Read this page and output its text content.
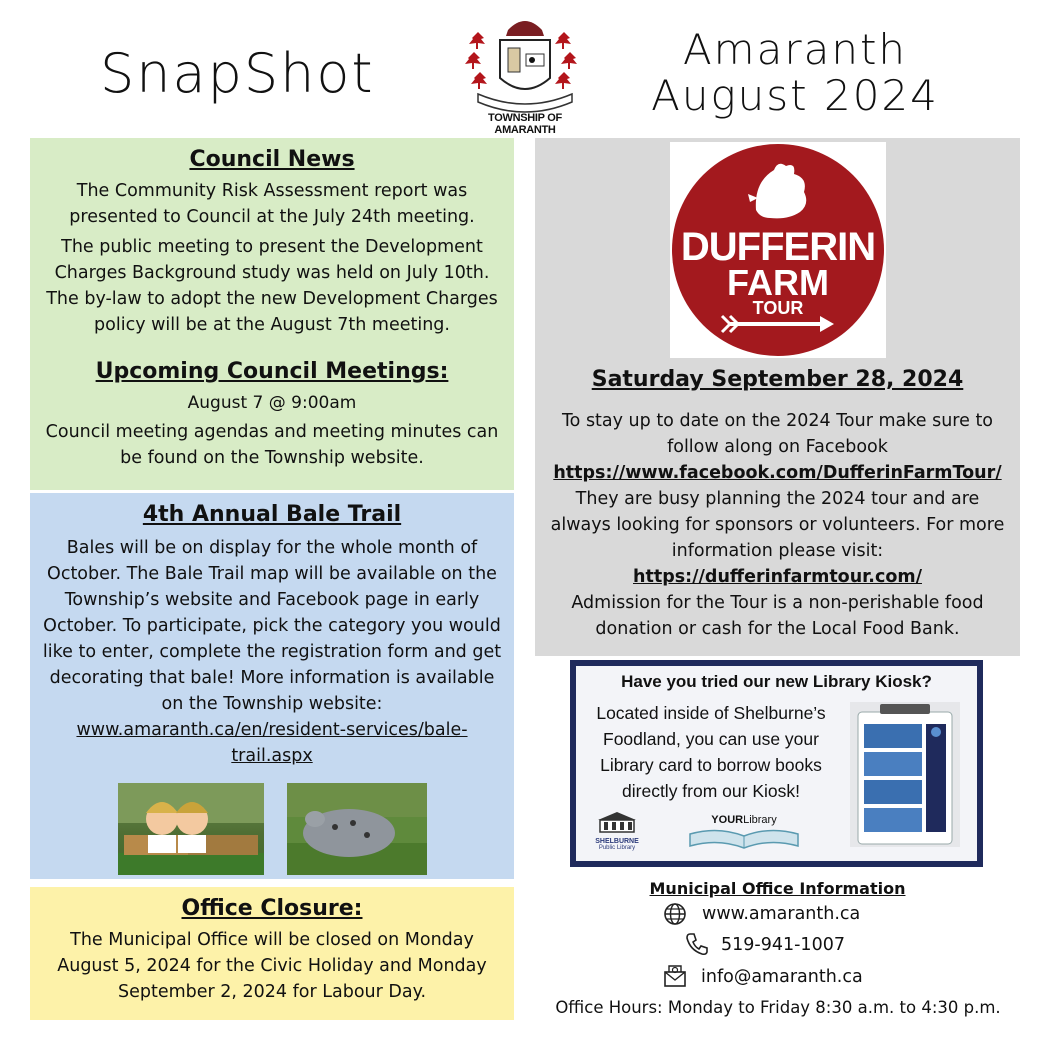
SnapShot
TOWNSHIP OF AMARANTH
Amaranth
August 2024
Council News

The Community Risk Assessment report was presented to Council at the July 24th meeting.

The public meeting to present the Development Charges Background study was held on July 10th. The by-law to adopt the new Development Charges policy will be at the August 7th meeting.

Upcoming Council Meetings:

August 7 @ 9:00am

Council meeting agendas and meeting minutes can be found on the Township website.

4th Annual Bale Trail

Bales will be on display for the whole month of October. The Bale Trail map will be available on the Township’s website and Facebook page in early October. To participate, pick the category you would like to enter, complete the registration form and get decorating that bale! More information is available on the Township website:

www.amaranth.ca/en/resident-services/bale-trail.aspx

Office Closure:

The Municipal Office will be closed on Monday August 5, 2024 for the Civic Holiday and Monday September 2, 2024 for Labour Day.

DUFFERIN
FARM
TOUR
Saturday September 28, 2024

To stay up to date on the 2024 Tour make sure to follow along on Facebook

https://www.facebook.com/DufferinFarmTour/

They are busy planning the 2024 tour and are always looking for sponsors or volunteers. For more information please visit:

https://dufferinfarmtour.com/

Admission for the Tour is a non-perishable food donation or cash for the Local Food Bank.

Have you tried our new Library Kiosk?
Located inside of Shelburne’s Foodland, you can use your Library card to borrow books directly from our Kiosk!
SHELBURNE
Public Library
YOURLibrary
Municipal Office Information
www.amaranth.ca
519-941-1007
info@amaranth.ca
Office Hours: Monday to Friday 8:30 a.m. to 4:30 p.m.
